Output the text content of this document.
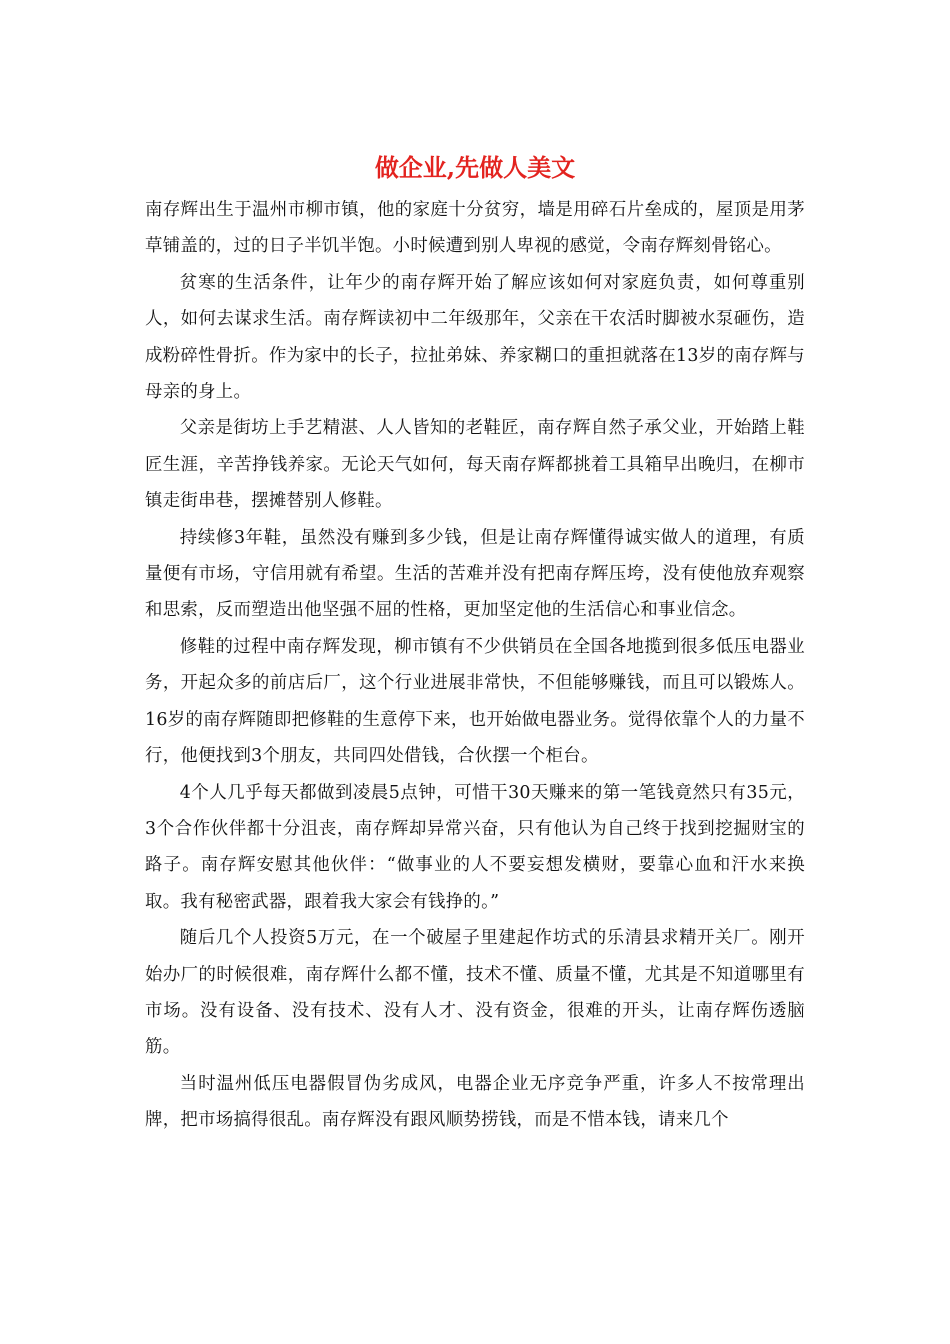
做企业,先做人美文

南存辉出生于温州市柳市镇，他的家庭十分贫穷，墙是用碎石片垒成的，屋顶是用茅草铺盖的，过的日子半饥半饱。小时候遭到别人卑视的感觉，令南存辉刻骨铭心。

贫寒的生活条件，让年少的南存辉开始了解应该如何对家庭负责，如何尊重别人，如何去谋求生活。南存辉读初中二年级那年，父亲在干农活时脚被水泵砸伤，造成粉碎性骨折。作为家中的长子，拉扯弟妹、养家糊口的重担就落在13岁的南存辉与母亲的身上。

父亲是街坊上手艺精湛、人人皆知的老鞋匠，南存辉自然子承父业，开始踏上鞋匠生涯，辛苦挣钱养家。无论天气如何，每天南存辉都挑着工具箱早出晚归，在柳市镇走街串巷，摆摊替别人修鞋。

持续修3年鞋，虽然没有赚到多少钱，但是让南存辉懂得诚实做人的道理，有质量便有市场，守信用就有希望。生活的苦难并没有把南存辉压垮，没有使他放弃观察和思索，反而塑造出他坚强不屈的性格，更加坚定他的生活信心和事业信念。

修鞋的过程中南存辉发现，柳市镇有不少供销员在全国各地揽到很多低压电器业务，开起众多的前店后厂，这个行业进展非常快，不但能够赚钱，而且可以锻炼人。16岁的南存辉随即把修鞋的生意停下来，也开始做电器业务。觉得依靠个人的力量不行，他便找到3个朋友，共同四处借钱，合伙摆一个柜台。

4个人几乎每天都做到凌晨5点钟，可惜干30天赚来的第一笔钱竟然只有35元，3个合作伙伴都十分沮丧，南存辉却异常兴奋，只有他认为自己终于找到挖掘财宝的路子。南存辉安慰其他伙伴：“做事业的人不要妄想发横财，要靠心血和汗水来换取。我有秘密武器，跟着我大家会有钱挣的。”

随后几个人投资5万元，在一个破屋子里建起作坊式的乐清县求精开关厂。刚开始办厂的时候很难，南存辉什么都不懂，技术不懂、质量不懂，尤其是不知道哪里有市场。没有设备、没有技术、没有人才、没有资金，很难的开头，让南存辉伤透脑筋。

当时温州低压电器假冒伪劣成风，电器企业无序竞争严重，许多人不按常理出牌，把市场搞得很乱。南存辉没有跟风顺势捞钱，而是不惜本钱，请来几个
